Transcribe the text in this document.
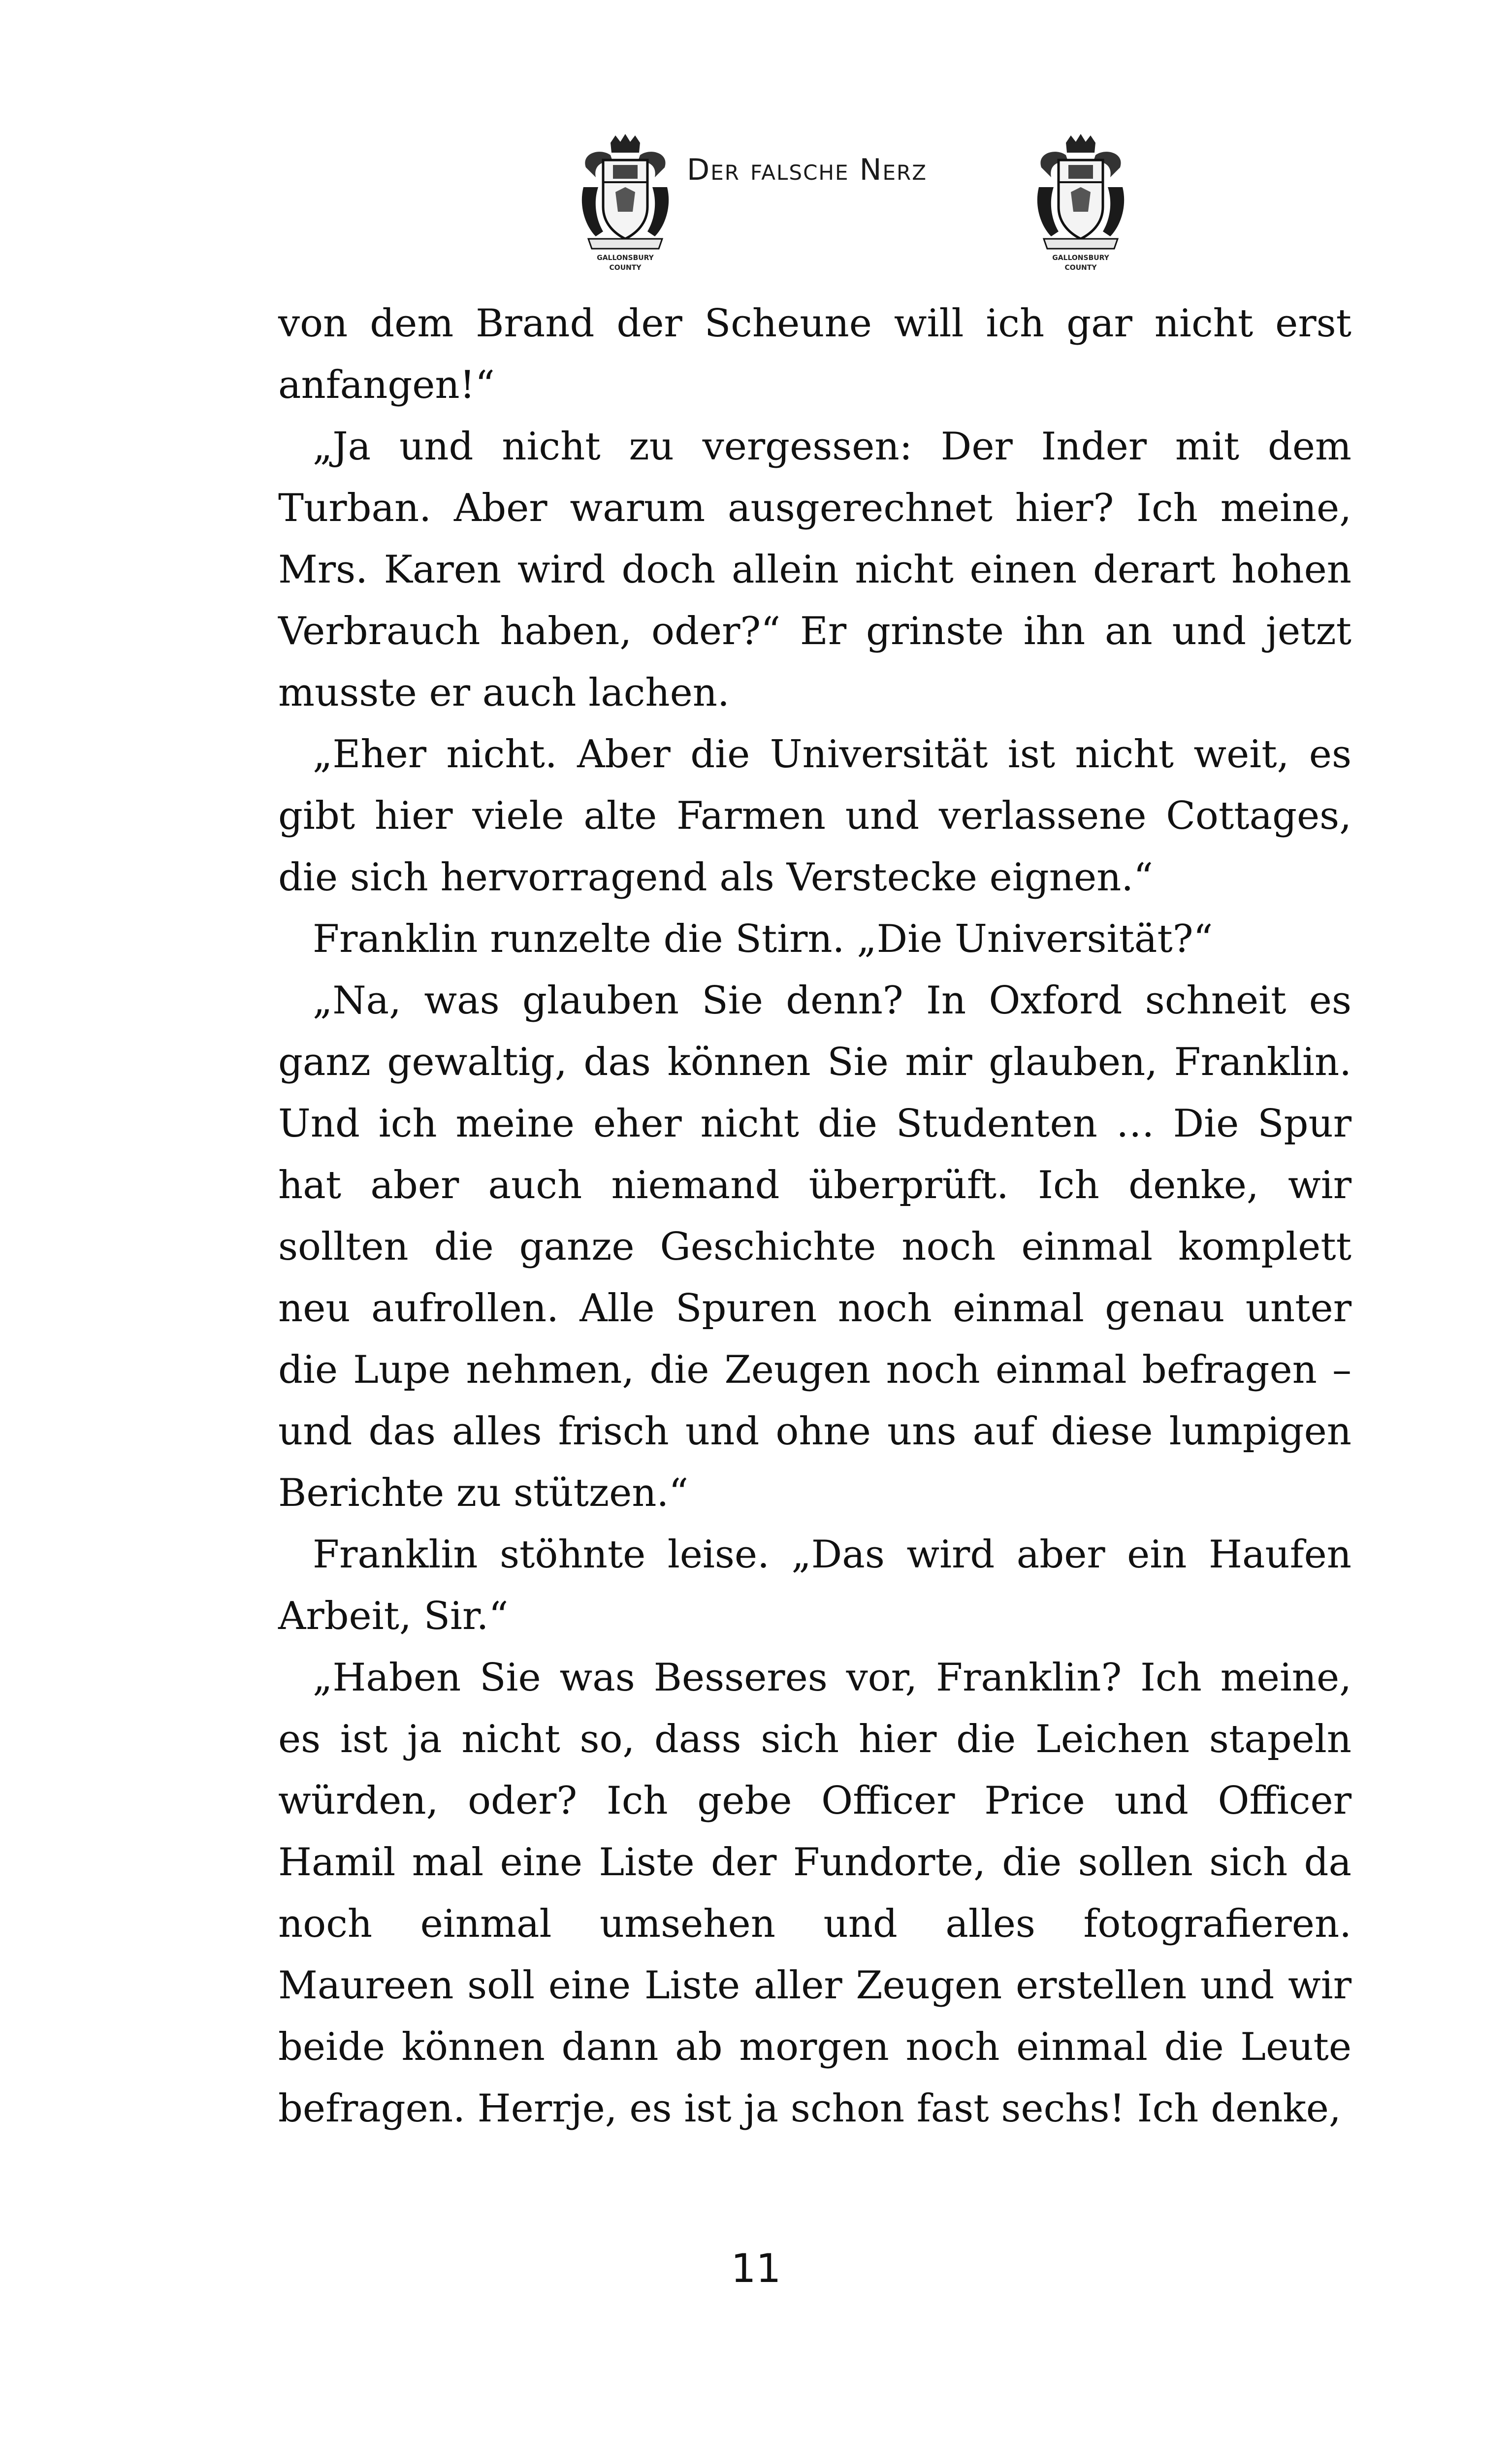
GALLONSBURY
COUNTY
Der falsche Nerz
GALLONSBURY
COUNTY

von dem Brand der Scheune will ich gar nicht erst anfangen!“

„Ja und nicht zu vergessen: Der Inder mit dem Turban. Aber warum ausgerechnet hier? Ich meine, Mrs. Karen wird doch allein nicht einen derart hohen Verbrauch haben, oder?“ Er grinste ihn an und jetzt musste er auch lachen.

„Eher nicht. Aber die Universität ist nicht weit, es gibt hier viele alte Farmen und verlassene Cottages, die sich hervorragend als Verstecke eignen.“

Franklin runzelte die Stirn. „Die Universität?“

„Na, was glauben Sie denn? In Oxford schneit es ganz gewaltig, das können Sie mir glauben, Franklin. Und ich meine eher nicht die Studenten … Die Spur hat aber auch niemand überprüft. Ich denke, wir sollten die ganze Geschichte noch einmal komplett neu aufrollen. Alle Spuren noch einmal genau unter die Lupe nehmen, die Zeugen noch einmal befragen – und das alles frisch und ohne uns auf diese lumpigen Berichte zu stützen.“

Franklin stöhnte leise. „Das wird aber ein Haufen Arbeit, Sir.“

„Haben Sie was Besseres vor, Franklin? Ich meine, es ist ja nicht so, dass sich hier die Leichen stapeln würden, oder? Ich gebe Officer Price und Officer Hamil mal eine Liste der Fundorte, die sollen sich da noch einmal umsehen und alles fotografieren. Maureen soll eine Liste aller Zeugen erstellen und wir beide können dann ab morgen noch einmal die Leute befragen. Herrje, es ist ja schon fast sechs! Ich denke,

11
